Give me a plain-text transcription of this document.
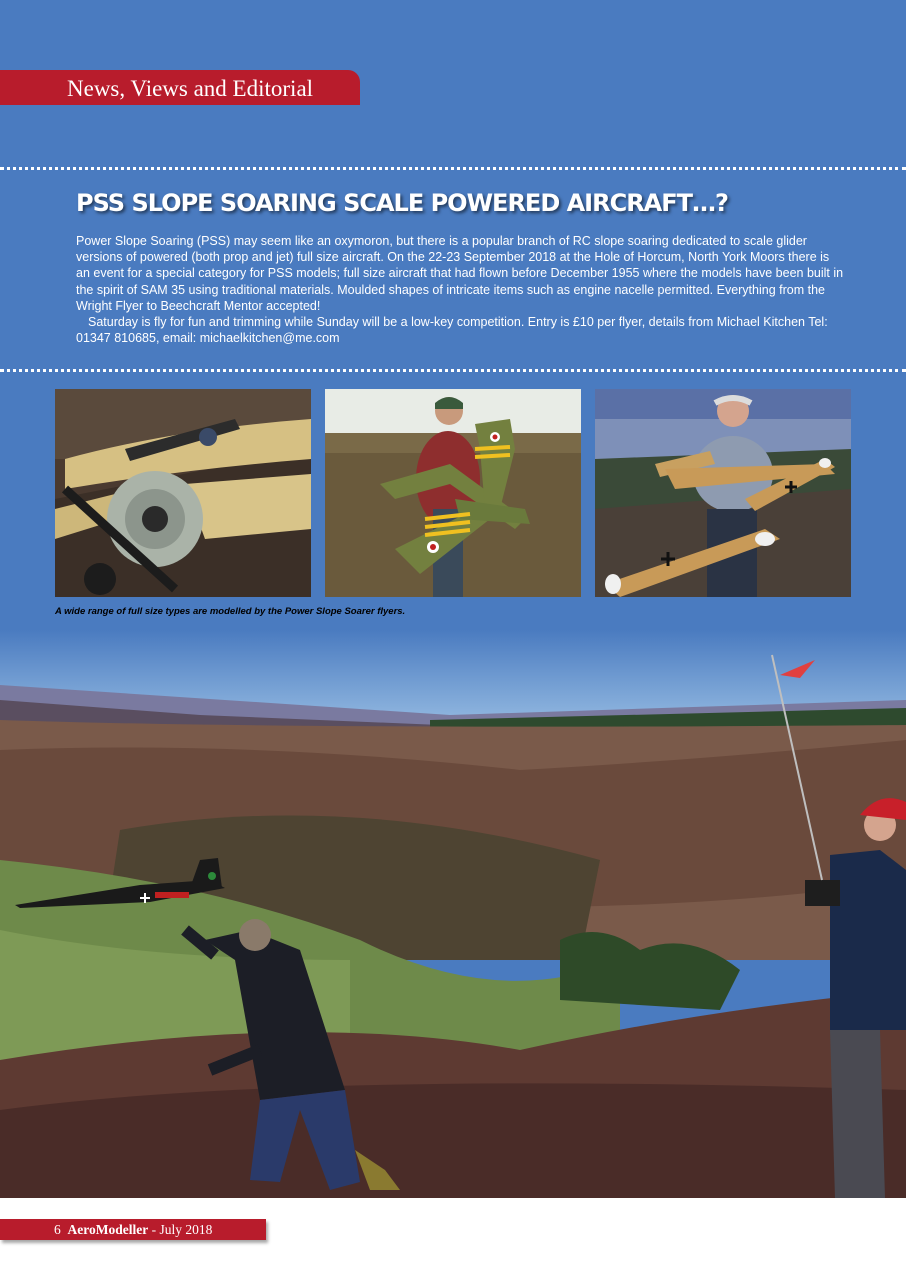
News, Views and Editorial
PSS SLOPE SOARING SCALE POWERED AIRCRAFT…?

Power Slope Soaring (PSS) may seem like an oxymoron, but there is a popular branch of RC slope soaring dedicated to scale glider versions of powered (both prop and jet) full size aircraft. On the 22-23 September 2018 at the Hole of Horcum, North York Moors there is an event for a special category for PSS models; full size aircraft that had flown before December 1955 where the models have been built in the spirit of SAM 35 using traditional materials. Moulded shapes of intricate items such as engine nacelle permitted. Everything from the Wright Flyer to Beechcraft Mentor accepted!

Saturday is fly for fun and trimming while Sunday will be a low-key competition. Entry is £10 per flyer, details from Michael Kitchen Tel: 01347 810685, email: michaelkitchen@me.com

A wide range of full size types are modelled by the Power Slope Soarer flyers.
6 AeroModeller - July 2018
